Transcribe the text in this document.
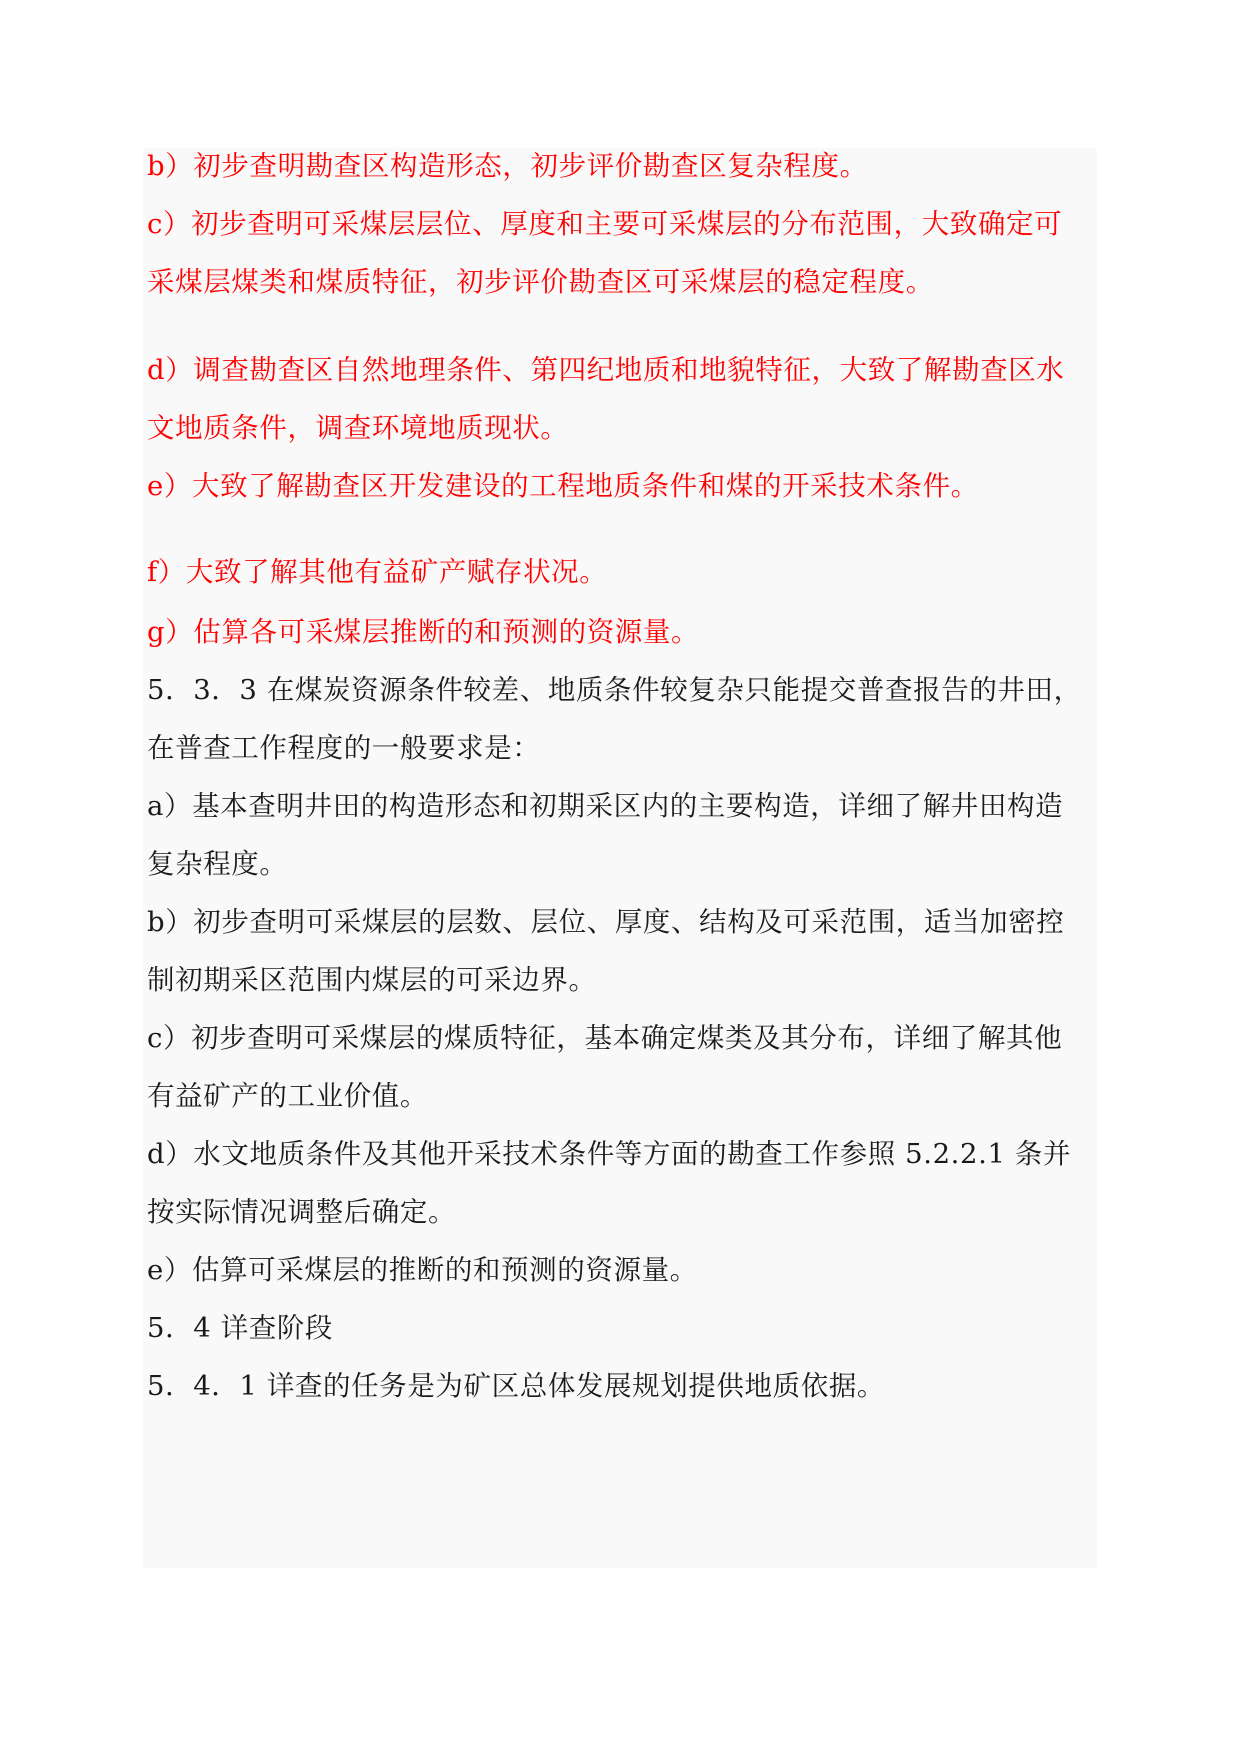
b）初步查明勘查区构造形态，初步评价勘查区复杂程度。
c）初步查明可采煤层层位、厚度和主要可采煤层的分布范围，大致确定可
采煤层煤类和煤质特征，初步评价勘查区可采煤层的稳定程度。
d）调查勘查区自然地理条件、第四纪地质和地貌特征，大致了解勘查区水
文地质条件，调查环境地质现状。
e）大致了解勘查区开发建设的工程地质条件和煤的开采技术条件。
f）大致了解其他有益矿产赋存状况。
g）估算各可采煤层推断的和预测的资源量。
5．3．3 在煤炭资源条件较差、地质条件较复杂只能提交普查报告的井田，
在普查工作程度的一般要求是：
a）基本查明井田的构造形态和初期采区内的主要构造，详细了解井田构造
复杂程度。
b）初步查明可采煤层的层数、层位、厚度、结构及可采范围，适当加密控
制初期采区范围内煤层的可采边界。
c）初步查明可采煤层的煤质特征，基本确定煤类及其分布，详细了解其他
有益矿产的工业价值。
d）水文地质条件及其他开采技术条件等方面的勘查工作参照 5.2.2.1 条并
按实际情况调整后确定。
e）估算可采煤层的推断的和预测的资源量。
5．4 详查阶段
5．4．1 详查的任务是为矿区总体发展规划提供地质依据。
